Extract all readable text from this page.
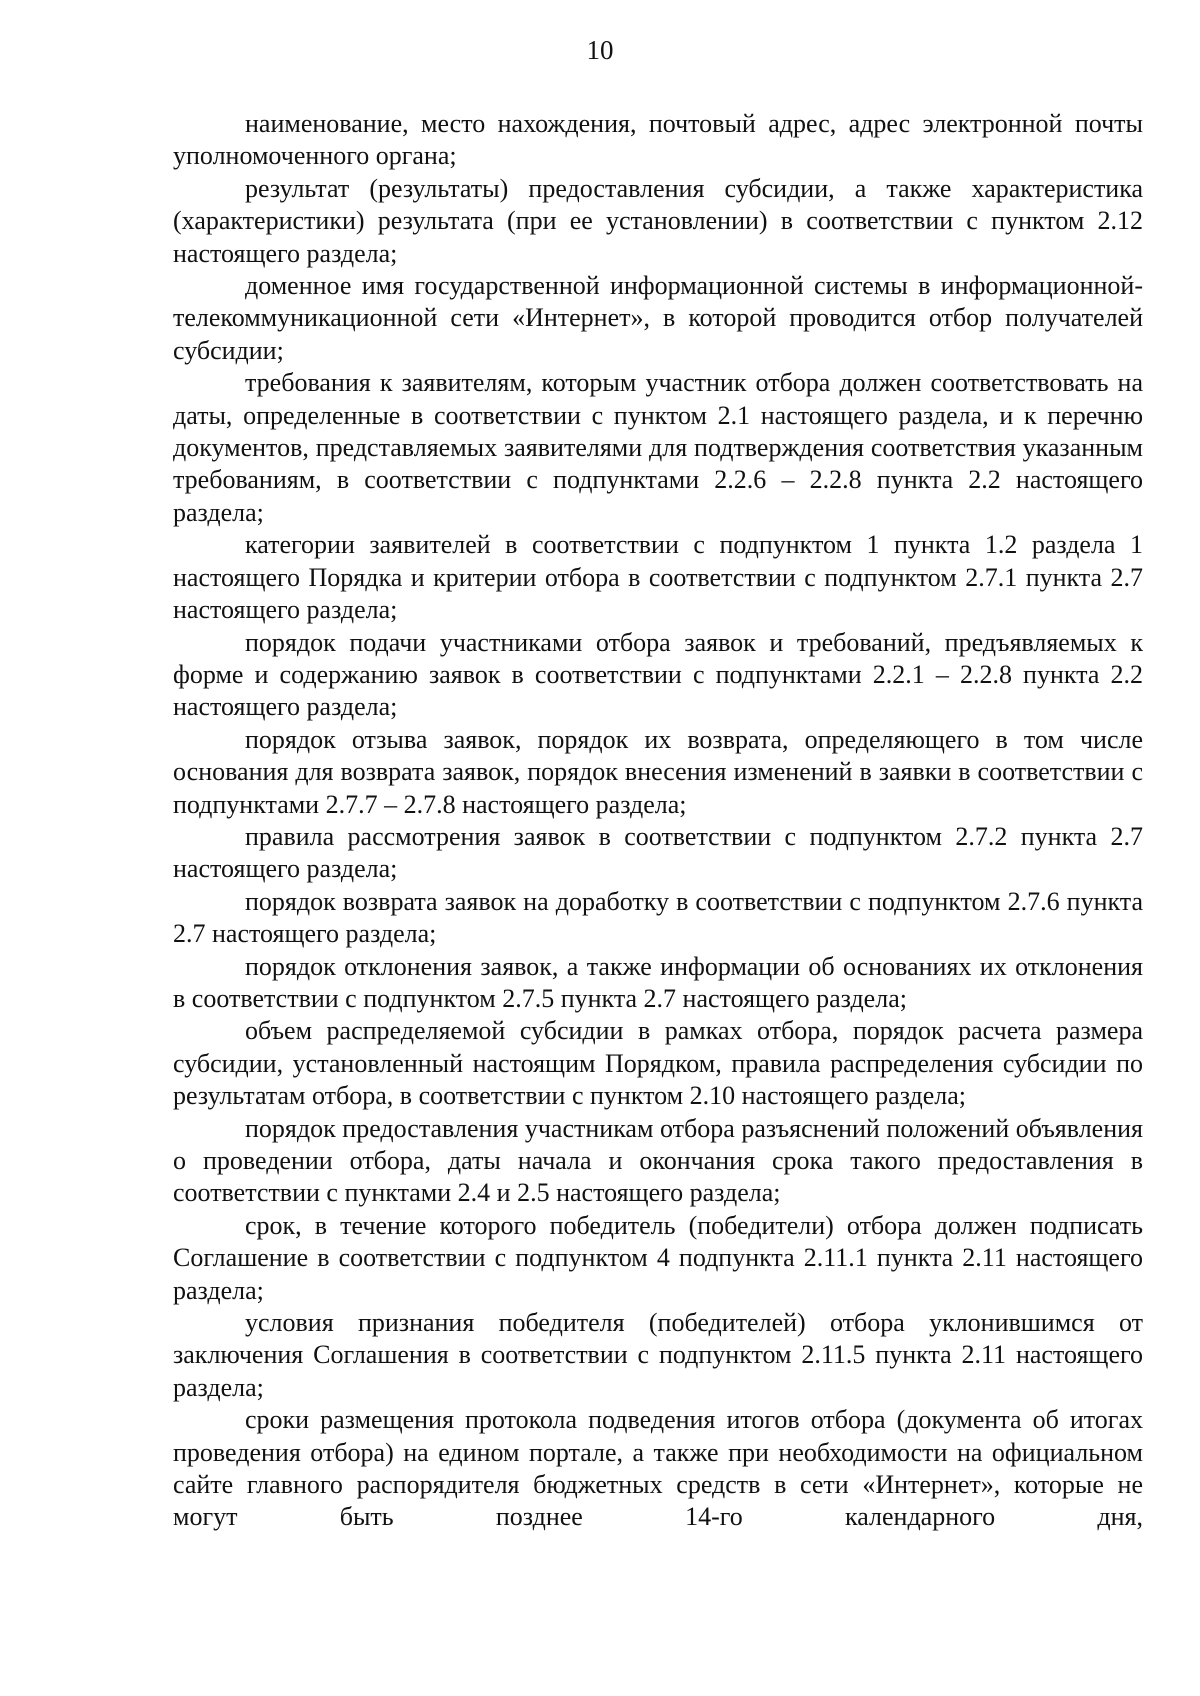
10

наименование, место нахождения, почтовый адрес, адрес электронной почты уполномоченного органа;

результат (результаты) предоставления субсидии, а также характеристика (характеристики) результата (при ее установлении) в соответствии с пунктом 2.12 настоящего раздела;

доменное имя государственной информационной системы в информационной-телекоммуникационной сети «Интернет», в которой проводится отбор получателей субсидии;

требования к заявителям, которым участник отбора должен соответствовать на даты, определенные в соответствии с пунктом 2.1 настоящего раздела, и к перечню документов, представляемых заявителями для подтверждения соответствия указанным требованиям, в соответствии с подпунктами 2.2.6 – 2.2.8 пункта 2.2 настоящего раздела;

категории заявителей в соответствии с подпунктом 1 пункта 1.2 раздела 1 настоящего Порядка и критерии отбора в соответствии с подпунктом 2.7.1 пункта 2.7 настоящего раздела;

порядок подачи участниками отбора заявок и требований, предъявляемых к форме и содержанию заявок в соответствии с подпунктами 2.2.1 – 2.2.8 пункта 2.2 настоящего раздела;

порядок отзыва заявок, порядок их возврата, определяющего в том числе основания для возврата заявок, порядок внесения изменений в заявки в соответствии с подпунктами 2.7.7 – 2.7.8 настоящего раздела;

правила рассмотрения заявок в соответствии с подпунктом 2.7.2 пункта 2.7 настоящего раздела;

порядок возврата заявок на доработку в соответствии с подпунктом 2.7.6 пункта 2.7 настоящего раздела;

порядок отклонения заявок, а также информации об основаниях их отклонения в соответствии с подпунктом 2.7.5 пункта 2.7 настоящего раздела;

объем распределяемой субсидии в рамках отбора, порядок расчета размера субсидии, установленный настоящим Порядком, правила распределения субсидии по результатам отбора, в соответствии с пунктом 2.10 настоящего раздела;

порядок предоставления участникам отбора разъяснений положений объявления о проведении отбора, даты начала и окончания срока такого предоставления в соответствии с пунктами 2.4 и 2.5 настоящего раздела;

срок, в течение которого победитель (победители) отбора должен подписать Соглашение в соответствии с подпунктом 4 подпункта 2.11.1 пункта 2.11 настоящего раздела;

условия признания победителя (победителей) отбора уклонившимся от заключения Соглашения в соответствии с подпунктом 2.11.5 пункта 2.11 настоящего раздела;

сроки размещения протокола подведения итогов отбора (документа об итогах проведения отбора) на едином портале, а также при необходимости на официальном сайте главного распорядителя бюджетных средств в сети «Интернет», которые не могут быть позднее 14-го календарного дня,
